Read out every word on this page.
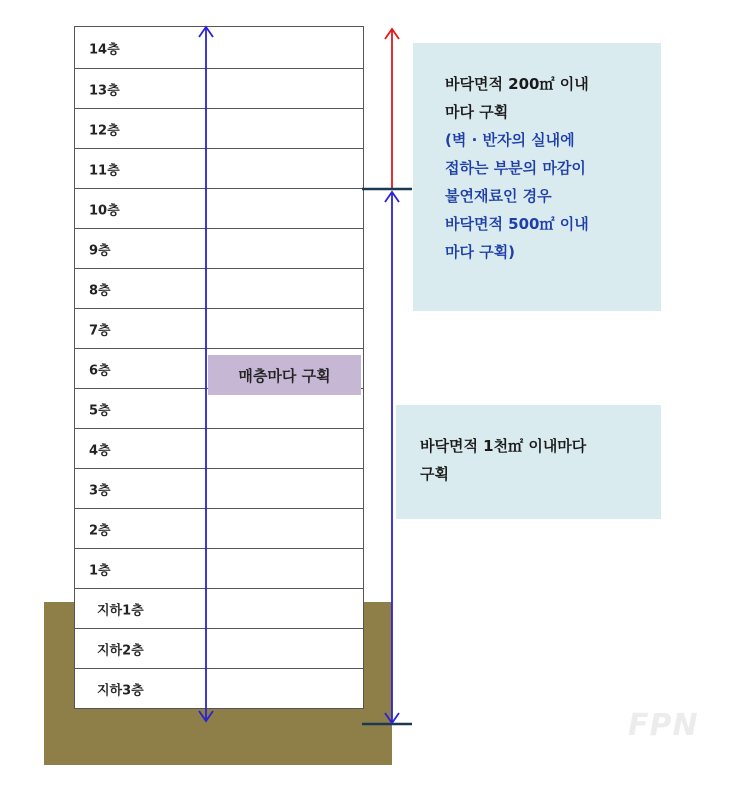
14층
13층
12층
11층
10층
9층
8층
7층
6층
5층
4층
3층
2층
1층
지하1층
지하2층
지하3층
매층마다 구획
바닥면적 200㎡ 이내
마다 구획
(벽 · 반자의 실내에
접하는 부분의 마감이
불연재료인 경우
바닥면적 500㎡ 이내
마다 구획)
바닥면적 1천㎡ 이내마다
구획
FPN
